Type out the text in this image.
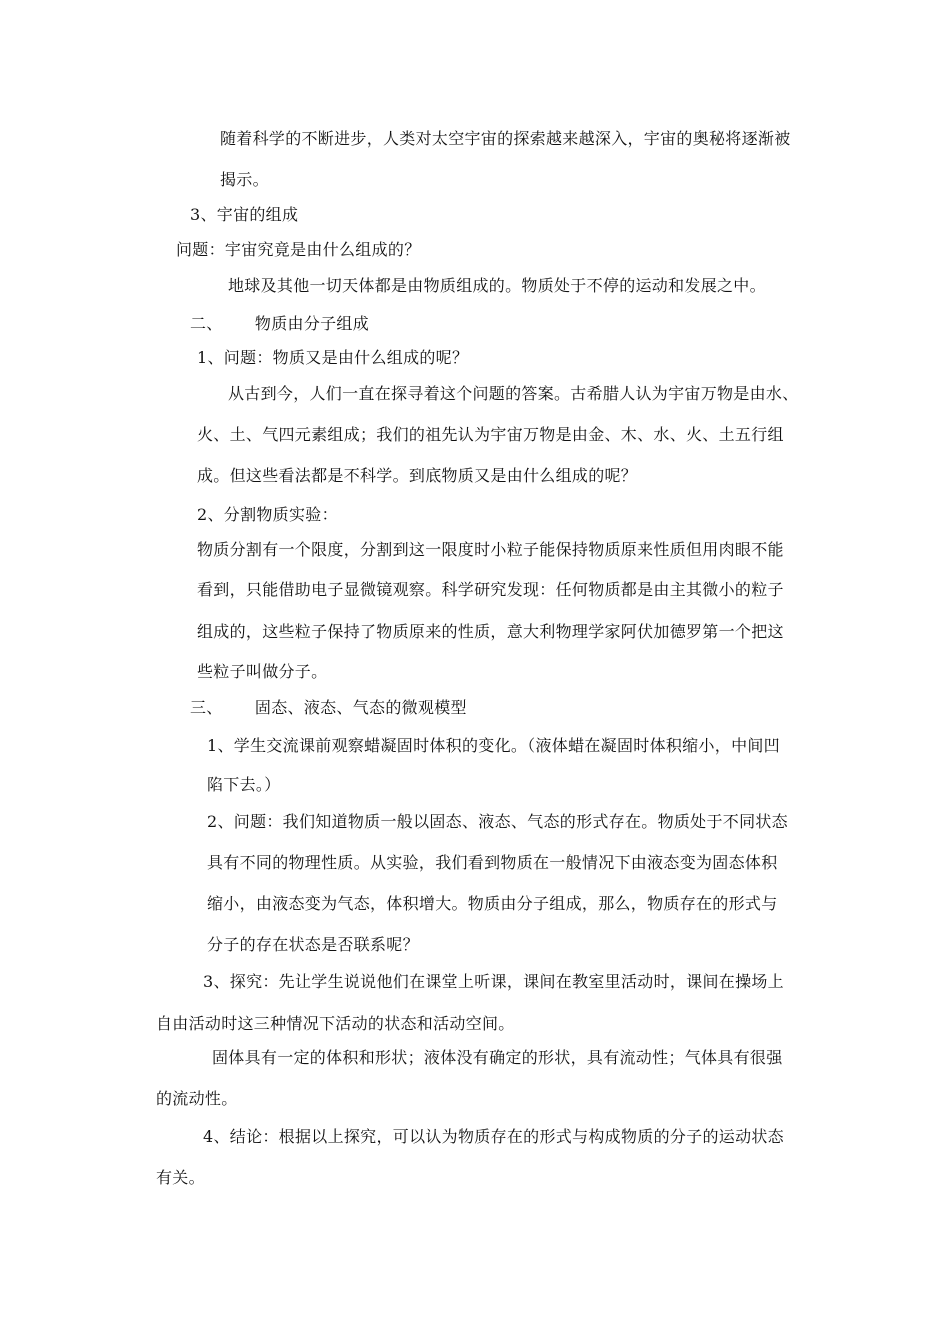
随着科学的不断进步，人类对太空宇宙的探索越来越深入，宇宙的奥秘将逐渐被
揭示。
3、宇宙的组成
问题：宇宙究竟是由什么组成的？
地球及其他一切天体都是由物质组成的。物质处于不停的运动和发展之中。
二、      物质由分子组成
1、问题：物质又是由什么组成的呢？
从古到今，人们一直在探寻着这个问题的答案。古希腊人认为宇宙万物是由水、
火、土、气四元素组成；我们的祖先认为宇宙万物是由金、木、水、火、土五行组
成。但这些看法都是不科学。到底物质又是由什么组成的呢？
2、分割物质实验：
物质分割有一个限度，分割到这一限度时小粒子能保持物质原来性质但用肉眼不能
看到，只能借助电子显微镜观察。科学研究发现：任何物质都是由主其微小的粒子
组成的，这些粒子保持了物质原来的性质，意大利物理学家阿伏加德罗第一个把这
些粒子叫做分子。
三、      固态、液态、气态的微观模型
1、学生交流课前观察蜡凝固时体积的变化。（液体蜡在凝固时体积缩小，中间凹
陷下去。）
2、问题：我们知道物质一般以固态、液态、气态的形式存在。物质处于不同状态
具有不同的物理性质。从实验，我们看到物质在一般情况下由液态变为固态体积
缩小，由液态变为气态，体积增大。物质由分子组成，那么，物质存在的形式与
分子的存在状态是否联系呢？
3、探究：先让学生说说他们在课堂上听课，课间在教室里活动时，课间在操场上
自由活动时这三种情况下活动的状态和活动空间。
固体具有一定的体积和形状；液体没有确定的形状，具有流动性；气体具有很强
的流动性。
4、结论：根据以上探究，可以认为物质存在的形式与构成物质的分子的运动状态
有关。
